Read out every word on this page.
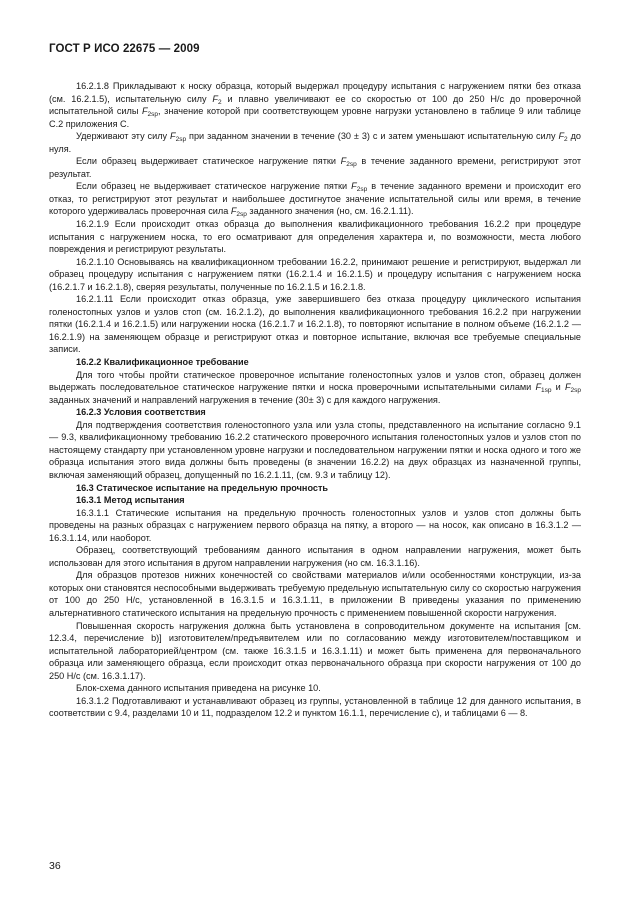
ГОСТ Р ИСО 22675 — 2009

16.2.1.8 Прикладывают к носку образца, который выдержал процедуру испытания с нагружением пятки без отказа (см. 16.2.1.5), испытательную силу $F_2$ и плавно увеличивают ее со скоростью от 100 до 250 Н/с до проверочной испытательной силы $F_{2sp}$, значение которой при соответствующем уровне нагрузки установлено в таблице 9 или таблице С.2 приложения С.

Удерживают эту силу $F_{2sp}$ при заданном значении в течение (30 ± 3) с и затем уменьшают испытательную силу $F_2$ до нуля.

Если образец выдерживает статическое нагружение пятки $F_{2sp}$ в течение заданного времени, регистрируют этот результат.

Если образец не выдерживает статическое нагружение пятки $F_{2sp}$ в течение заданного времени и происходит его отказ, то регистрируют этот результат и наибольшее достигнутое значение испытательной силы или время, в течение которого удерживалась проверочная сила $F_{2sp}$ заданного значения (но, см. 16.2.1.11).

16.2.1.9 Если происходит отказ образца до выполнения квалификационного требования 16.2.2 при процедуре испытания с нагружением носка, то его осматривают для определения характера и, по возможности, места любого повреждения и регистрируют результаты.

16.2.1.10 Основываясь на квалификационном требовании 16.2.2, принимают решение и регистрируют, выдержал ли образец процедуру испытания с нагружением пятки (16.2.1.4 и 16.2.1.5) и процедуру испытания с нагружением носка (16.2.1.7 и 16.2.1.8), сверяя результаты, полученные по 16.2.1.5 и 16.2.1.8.

16.2.1.11 Если происходит отказ образца, уже завершившего без отказа процедуру циклического испытания голеностопных узлов и узлов стоп (см. 16.2.1.2), до выполнения квалификационного требования 16.2.2 при нагружении пятки (16.2.1.4 и 16.2.1.5) или нагружении носка (16.2.1.7 и 16.2.1.8), то повторяют испытание в полном объеме (16.2.1.2 — 16.2.1.9) на заменяющем образце и регистрируют отказ и повторное испытание, включая все требуемые специальные записи.

16.2.2 Квалификационное требование

Для того чтобы пройти статическое проверочное испытание голеностопных узлов и узлов стоп, образец должен выдержать последовательное статическое нагружение пятки и носка проверочными испытательными силами $F_{1sp}$ и $F_{2sp}$ заданных значений и направлений нагружения в течение (30± 3) с для каждого нагружения.

16.2.3 Условия соответствия

Для подтверждения соответствия голеностопного узла или узла стопы, представленного на испытание согласно 9.1 — 9.3, квалификационному требованию 16.2.2 статического проверочного испытания голеностопных узлов и узлов стоп по настоящему стандарту при установленном уровне нагрузки и последовательном нагружении пятки и носка одного и того же образца испытания этого вида должны быть проведены (в значении 16.2.2) на двух образцах из назначенной группы, включая заменяющий образец, допущенный по 16.2.1.11, (см. 9.3 и таблицу 12).

16.3 Статическое испытание на предельную прочность

16.3.1 Метод испытания

16.3.1.1 Статические испытания на предельную прочность голеностопных узлов и узлов стоп должны быть проведены на разных образцах с нагружением первого образца на пятку, а второго — на носок, как описано в 16.3.1.2 — 16.3.1.14, или наоборот.

Образец, соответствующий требованиям данного испытания в одном направлении нагружения, может быть использован для этого испытания в другом направлении нагружения (но см. 16.3.1.16).

Для образцов протезов нижних конечностей со свойствами материалов и/или особенностями конструкции, из-за которых они становятся неспособными выдерживать требуемую предельную испытательную силу со скоростью нагружения от 100 до 250 Н/с, установленной в 16.3.1.5 и 16.3.1.11, в приложении В приведены указания по применению альтернативного статического испытания на предельную прочность с применением повышенной скорости нагружения.

Повышенная скорость нагружения должна быть установлена в сопроводительном документе на испытания [см. 12.3.4, перечисление b)] изготовителем/предъявителем или по согласованию между изготовителем/поставщиком и испытательной лабораторией/центром (см. также 16.3.1.5 и 16.3.1.11) и может быть применена для первоначального образца или заменяющего образца, если происходит отказ первоначального образца при скорости нагружения от 100 до 250 Н/с (см. 16.3.1.17).

Блок-схема данного испытания приведена на рисунке 10.

16.3.1.2 Подготавливают и устанавливают образец из группы, установленной в таблице 12 для данного испытания, в соответствии с 9.4, разделами 10 и 11, подразделом 12.2 и пунктом 16.1.1, перечисление с), и таблицами 6 — 8.

36
